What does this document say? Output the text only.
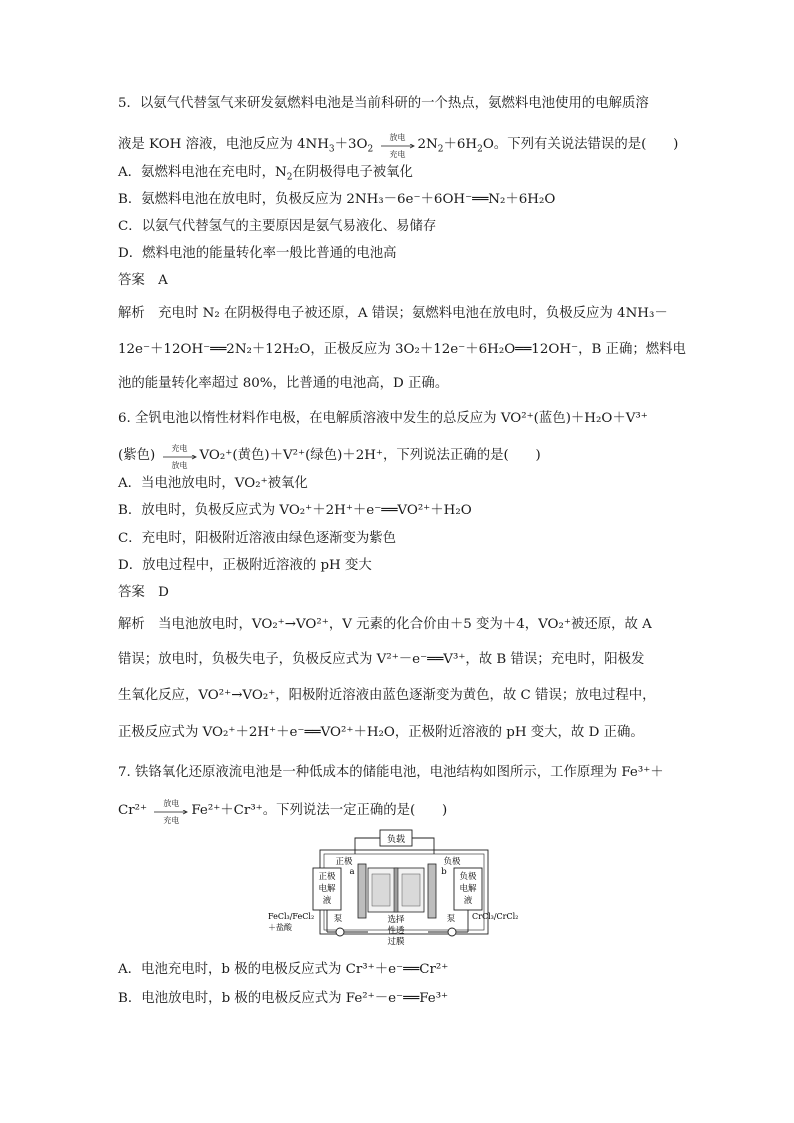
5．以氨气代替氢气来研发氨燃料电池是当前科研的一个热点，氨燃料电池使用的电解质溶
液是 KOH 溶液，电池反应为 $4NH_3+3O_2$
放电
充电
$2N_2+6H_2O$。下列有关说法错误的是(　　)
A．氨燃料电池在充电时，$N_2$在阴极得电子被氧化
B．氨燃料电池在放电时，负极反应为 2NH₃－6e⁻＋6OH⁻══N₂＋6H₂O
C．以氨气代替氢气的主要原因是氨气易液化、易储存
D．燃料电池的能量转化率一般比普通的电池高
答案　 A
解析　 充电时 N₂ 在阴极得电子被还原，A 错误；氨燃料电池在放电时，负极反应为 4NH₃－
12e⁻＋12OH⁻══2N₂＋12H₂O，正极反应为 3O₂＋12e⁻＋6H₂O══12OH⁻，B 正确；燃料电
池的能量转化率超过 80%，比普通的电池高，D 正确。
6. 全钒电池以惰性材料作电极，在电解质溶液中发生的总反应为 VO²⁺(蓝色)＋H₂O＋V³⁺
(紫色)	充电
放电
VO₂⁺(黄色)＋V²⁺(绿色)＋2H⁺，下列说法正确的是(　　)
A．当电池放电时，VO₂⁺被氧化
B．放电时，负极反应式为 VO₂⁺＋2H⁺＋e⁻══VO²⁺＋H₂O
C．充电时，阳极附近溶液由绿色逐渐变为紫色
D．放电过程中，正极附近溶液的 pH 变大
答案　 D
解析　 当电池放电时，VO₂⁺→VO²⁺，V 元素的化合价由＋5 变为＋4，VO₂⁺被还原，故 A
错误；放电时，负极失电子，负极反应式为 V²⁺－e⁻══V³⁺，故 B 错误；充电时，阳极发
生氧化反应，VO²⁺→VO₂⁺，阳极附近溶液由蓝色逐渐变为黄色，故 C 错误；放电过程中，
正极反应式为 VO₂⁺＋2H⁺＋e⁻══VO²⁺＋H₂O，正极附近溶液的 pH 变大，故 D 正确。
7. 铁铬氧化还原液流电池是一种低成本的储能电池，电池结构如图所示，工作原理为 Fe³⁺＋
Cr²⁺	放电
充电
Fe²⁺＋Cr³⁺。下列说法一定正确的是(　　)
负载
正极
电解
液
负极
电解
液
正极
a
负极
b
泵	泵
选择
性透
过膜
FeCl₃/FeCl₂
＋盐酸
CrCl₃/CrCl₂
A．电池充电时，b 极的电极反应式为 Cr³⁺＋e⁻══Cr²⁺
B．电池放电时，b 极的电极反应式为 Fe²⁺－e⁻══Fe³⁺
